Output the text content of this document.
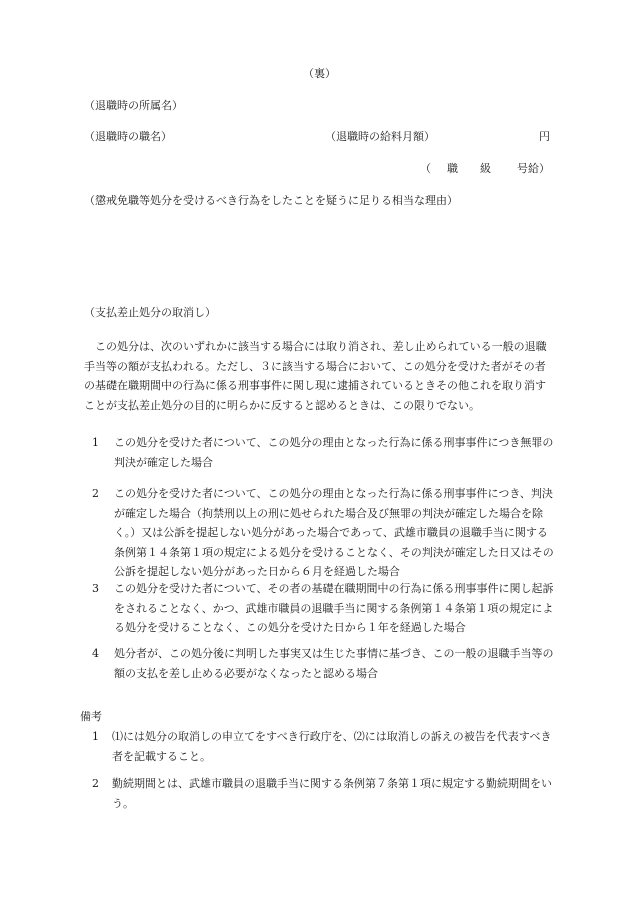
（裏）
（退職時の所属名）
（退職時の職名）	（退職時の給料月額）	円
（ 職 級 号給）
（懲戒免職等処分を受けるべき行為をしたことを疑うに足りる相当な理由）
（支払差止処分の取消し）
この処分は、次のいずれかに該当する場合には取り消され、差し止められている一般の退職手当等の額が支払われる。ただし、３に該当する場合において、この処分を受けた者がその者の基礎在職期間中の行為に係る刑事事件に関し現に逮捕されているときその他これを取り消すことが支払差止処分の目的に明らかに反すると認めるときは、この限りでない。
1	この処分を受けた者について、この処分の理由となった行為に係る刑事事件につき無罪の判決が確定した場合
2	この処分を受けた者について、この処分の理由となった行為に係る刑事事件につき、判決が確定した場合（拘禁刑以上の刑に処せられた場合及び無罪の判決が確定した場合を除く。）又は公訴を提起しない処分があった場合であって、武雄市職員の退職手当に関する条例第１４条第１項の規定による処分を受けることなく、その判決が確定した日又はその公訴を提起しない処分があった日から６月を経過した場合
3	この処分を受けた者について、その者の基礎在職期間中の行為に係る刑事事件に関し起訴をされることなく、かつ、武雄市職員の退職手当に関する条例第１４条第１項の規定による処分を受けることなく、この処分を受けた日から１年を経過した場合
4	処分者が、この処分後に判明した事実又は生じた事情に基づき、この一般の退職手当等の額の支払を差し止める必要がなくなったと認める場合
備考
1	⑴には処分の取消しの申立てをすべき行政庁を、⑵には取消しの訴えの被告を代表すべき者を記載すること。
2	勤続期間とは、武雄市職員の退職手当に関する条例第７条第１項に規定する勤続期間をいう。
